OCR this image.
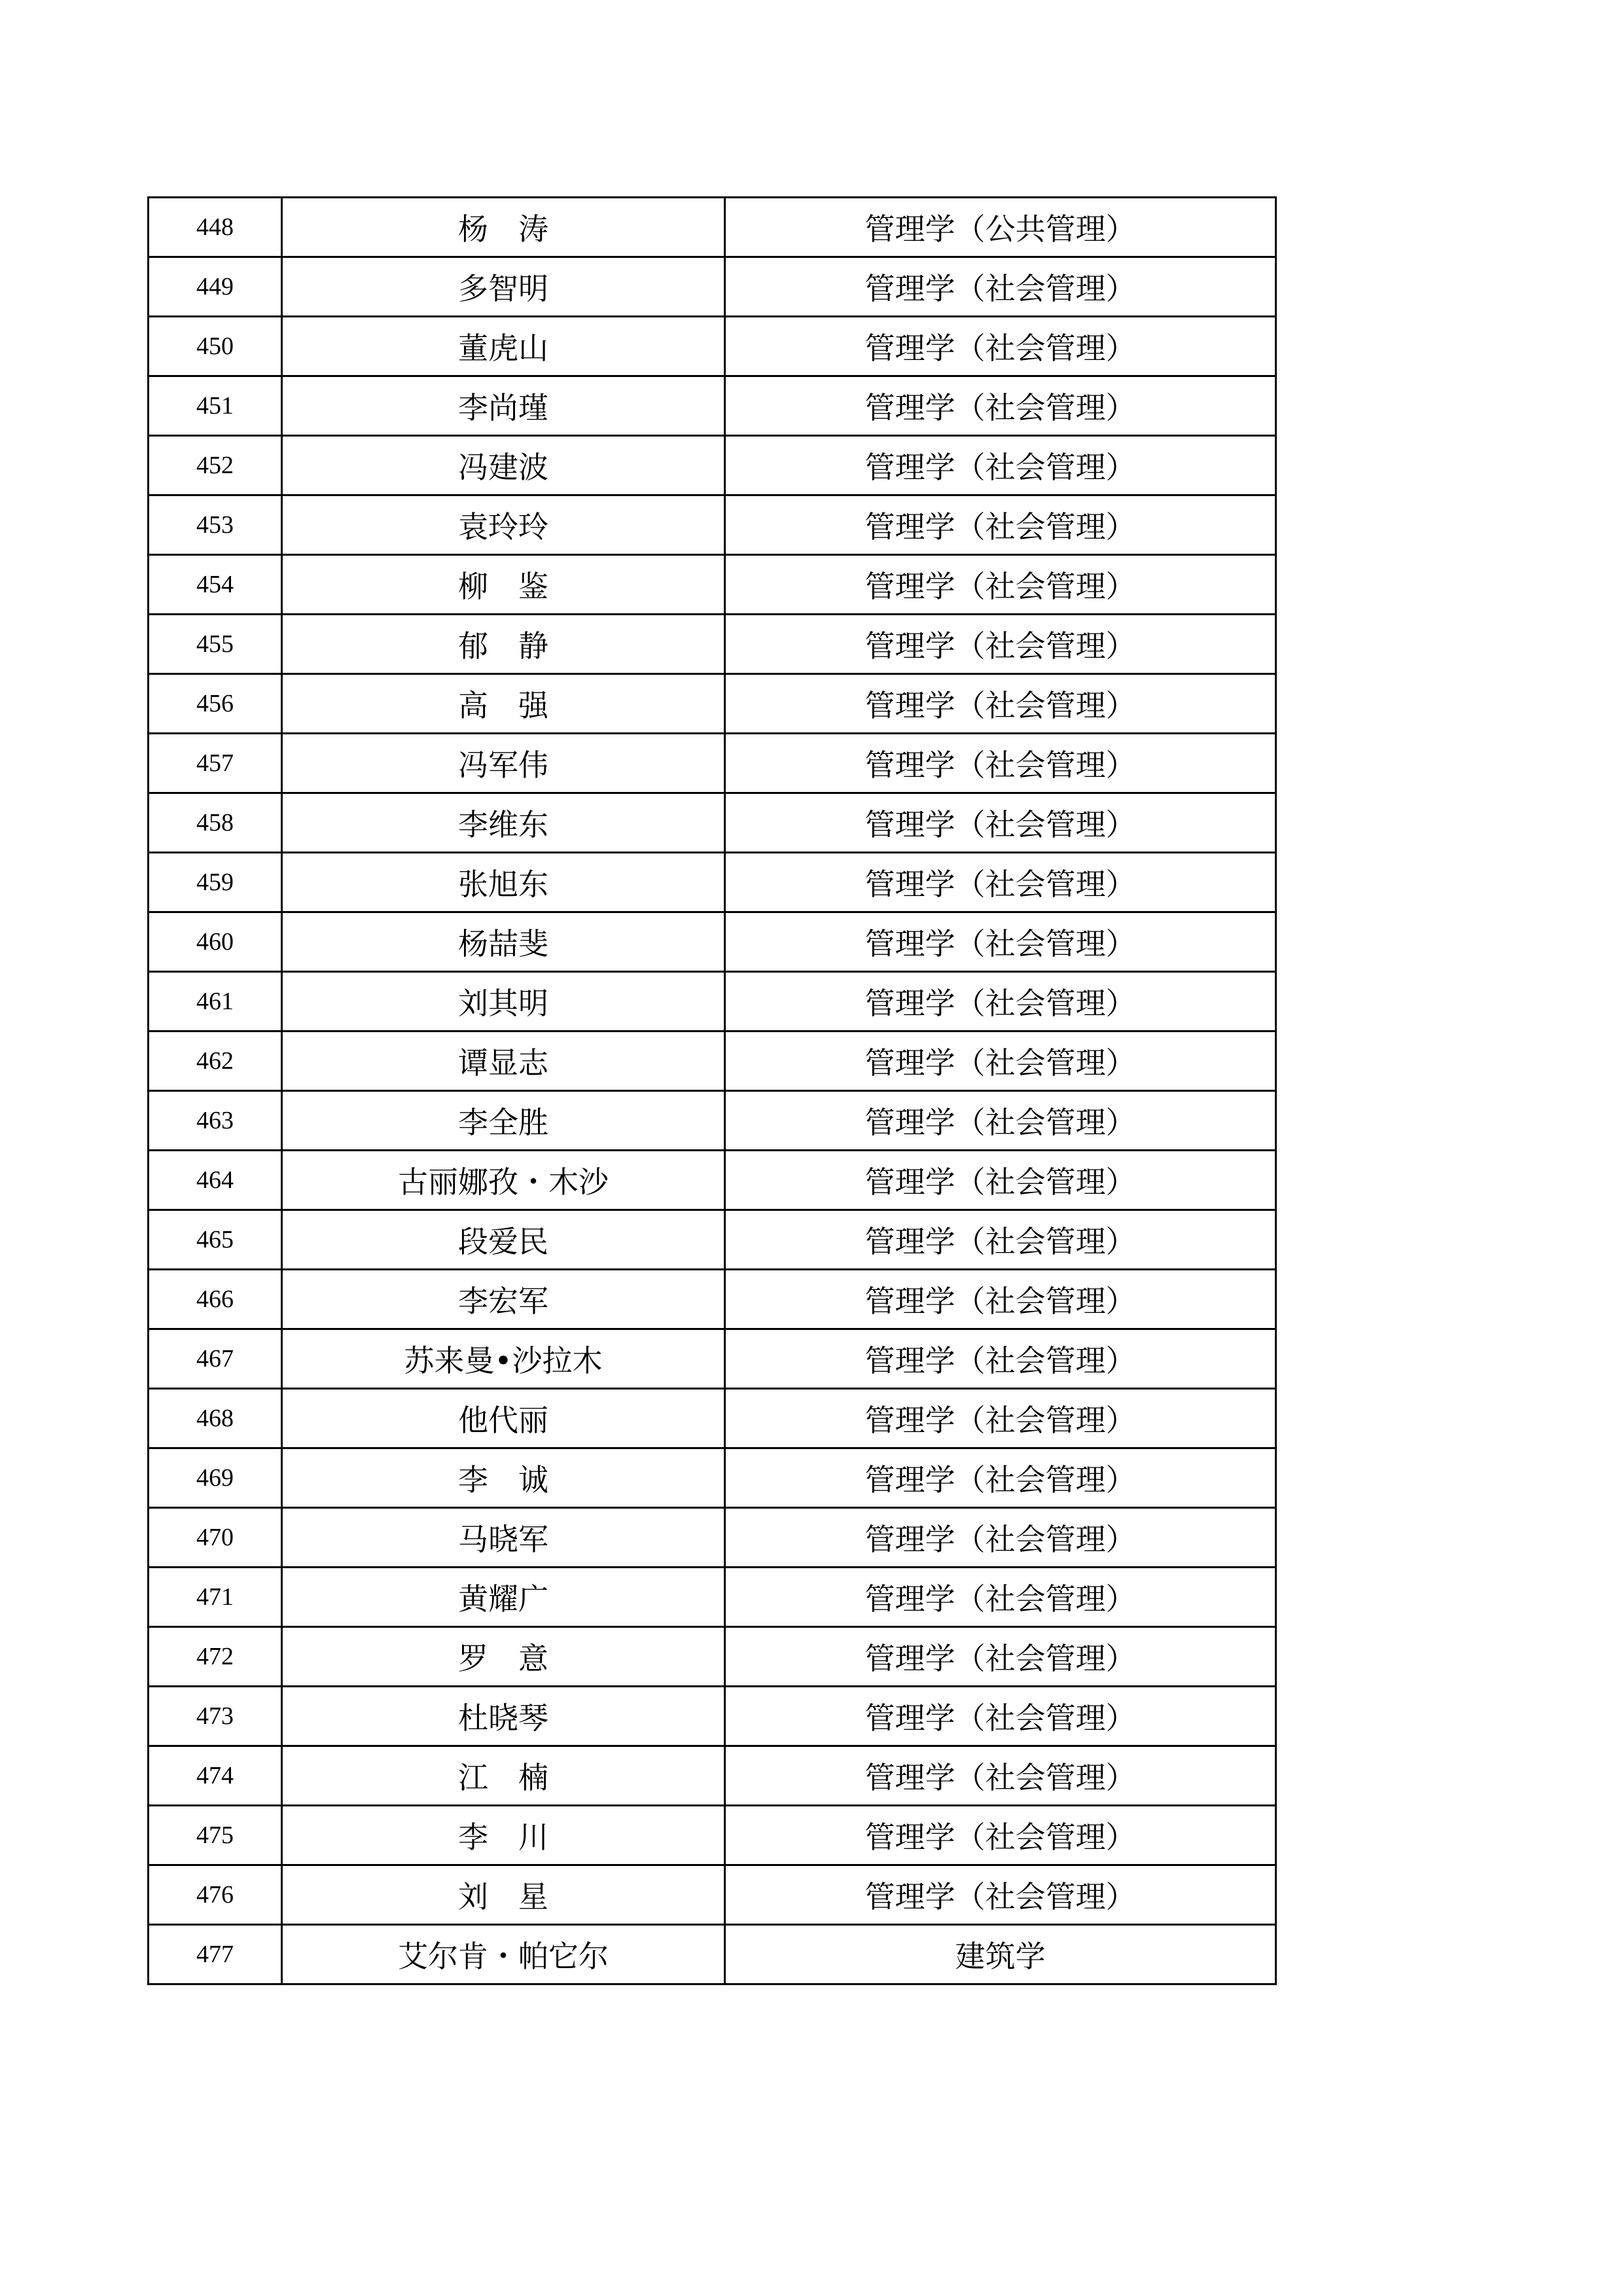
448	杨　涛	管理学（公共管理）
449	多智明	管理学（社会管理）
450	董虎山	管理学（社会管理）
451	李尚瑾	管理学（社会管理）
452	冯建波	管理学（社会管理）
453	袁玲玲	管理学（社会管理）
454	柳　鉴	管理学（社会管理）
455	郁　静	管理学（社会管理）
456	高　强	管理学（社会管理）
457	冯军伟	管理学（社会管理）
458	李维东	管理学（社会管理）
459	张旭东	管理学（社会管理）
460	杨喆斐	管理学（社会管理）
461	刘其明	管理学（社会管理）
462	谭显志	管理学（社会管理）
463	李全胜	管理学（社会管理）
464	古丽娜孜・木沙	管理学（社会管理）
465	段爱民	管理学（社会管理）
466	李宏军	管理学（社会管理）
467	苏来曼•沙拉木	管理学（社会管理）
468	他代丽	管理学（社会管理）
469	李　诚	管理学（社会管理）
470	马晓军	管理学（社会管理）
471	黄耀广	管理学（社会管理）
472	罗　意	管理学（社会管理）
473	杜晓琴	管理学（社会管理）
474	江　楠	管理学（社会管理）
475	李　川	管理学（社会管理）
476	刘　星	管理学（社会管理）
477	艾尔肯・帕它尔	建筑学
